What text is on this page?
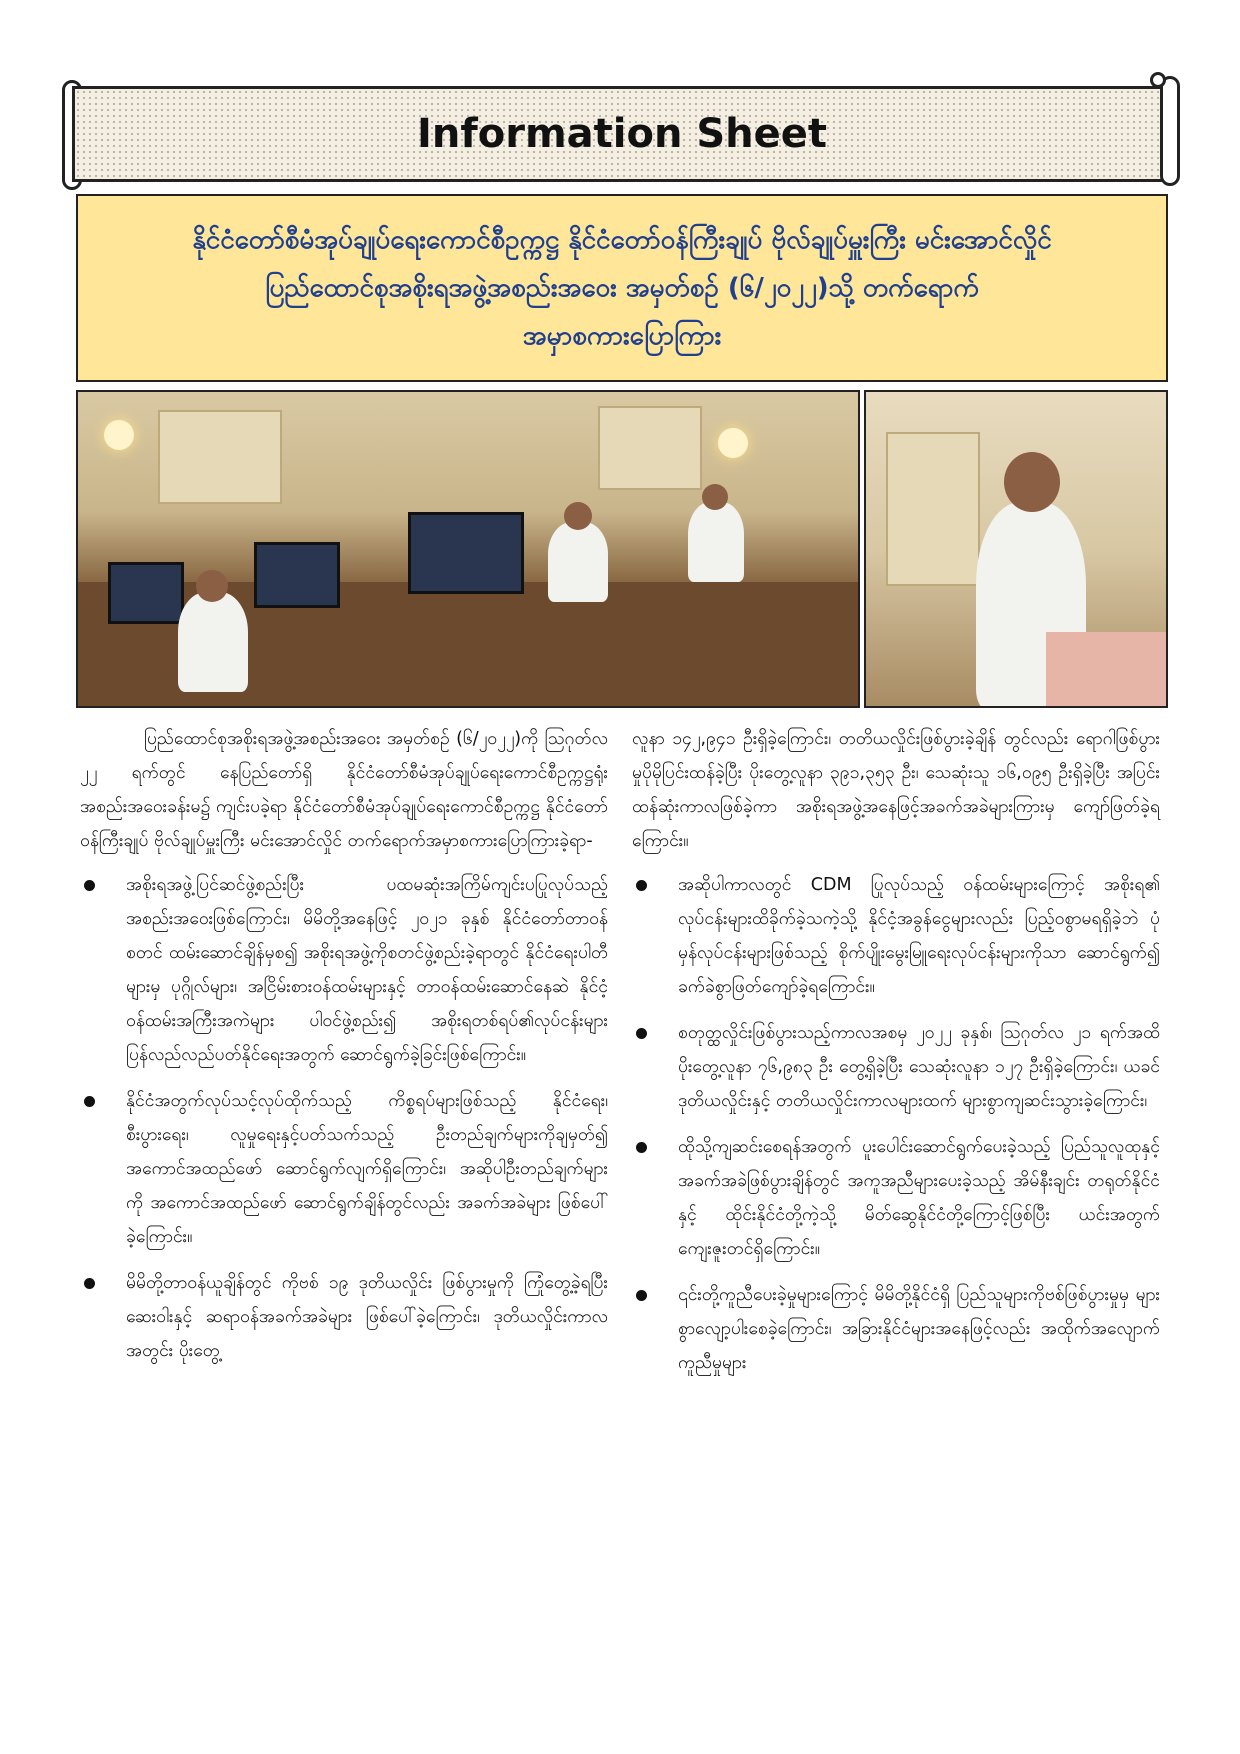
Information Sheet
နိုင်ငံတော်စီမံအုပ်ချုပ်ရေးကောင်စီဥက္ကဋ္ဌ နိုင်ငံတော်ဝန်ကြီးချုပ် ဗိုလ်ချုပ်မှူးကြီး မင်းအောင်လှိုင်
ပြည်ထောင်စုအစိုးရအဖွဲ့အစည်းအဝေး အမှတ်စဉ် (၆/၂၀၂၂)သို့ တက်ရောက်
အမှာစကားပြောကြား

ပြည်ထောင်စုအစိုးရအဖွဲ့အစည်းအဝေး အမှတ်စဉ် (၆/၂၀၂၂)ကို ဩဂုတ်လ ၂၂ ရက်တွင် နေပြည်တော်ရှိ နိုင်ငံတော်စီမံအုပ်ချုပ်ရေးကောင်စီဥက္ကဋ္ဌရုံး အစည်းအဝေးခန်းမ၌ ကျင်းပခဲ့ရာ နိုင်ငံတော်စီမံအုပ်ချုပ်ရေးကောင်စီဥက္ကဋ္ဌ နိုင်ငံတော်ဝန်ကြီးချုပ် ဗိုလ်ချုပ်မှူးကြီး မင်းအောင်လှိုင် တက်ရောက်အမှာစကားပြောကြားခဲ့ရာ-

အစိုးရအဖွဲ့ပြင်ဆင်ဖွဲ့စည်းပြီး ပထမဆုံးအကြိမ်ကျင်းပပြုလုပ်သည့် အစည်းအဝေးဖြစ်ကြောင်း၊ မိမိတို့အနေဖြင့် ၂၀၂၁ ခုနှစ် နိုင်ငံတော်တာဝန်စတင် ထမ်းဆောင်ချိန်မှစ၍ အစိုးရအဖွဲ့ကိုစတင်ဖွဲ့စည်းခဲ့ရာတွင် နိုင်ငံရေးပါတီများမှ ပုဂ္ဂိုလ်များ၊ အငြိမ်းစားဝန်ထမ်းများနှင့် တာဝန်ထမ်းဆောင်နေဆဲ နိုင်ငံ့ဝန်ထမ်းအကြီးအကဲများ ပါဝင်ဖွဲ့စည်း၍ အစိုးရတစ်ရပ်၏လုပ်ငန်းများ ပြန်လည်လည်ပတ်နိုင်ရေးအတွက် ဆောင်ရွက်ခဲ့ခြင်းဖြစ်ကြောင်း။
နိုင်ငံအတွက်လုပ်သင့်လုပ်ထိုက်သည့် ကိစ္စရပ်များဖြစ်သည့် နိုင်ငံရေး၊ စီးပွားရေး၊ လူမှုရေးနှင့်ပတ်သက်သည့် ဦးတည်ချက်များကိုချမှတ်၍ အကောင်အထည်ဖော် ဆောင်ရွက်လျက်ရှိကြောင်း၊ အဆိုပါဦးတည်ချက်များကို အကောင်အထည်ဖော် ဆောင်ရွက်ချိန်တွင်လည်း အခက်အခဲများ ဖြစ်ပေါ်ခဲ့ကြောင်း။
မိမိတို့တာဝန်ယူချိန်တွင် ကိုဗစ် ၁၉ ဒုတိယလှိုင်း ဖြစ်ပွားမှုကို ကြုံတွေ့ခဲ့ရပြီး ဆေးဝါးနှင့် ဆရာဝန်အခက်အခဲများ ဖြစ်ပေါ်ခဲ့ကြောင်း၊ ဒုတိယလှိုင်းကာလအတွင်း ပိုးတွေ့

လူနာ ၁၄၂,၉၄၁ ဦးရှိခဲ့ကြောင်း၊ တတိယလှိုင်းဖြစ်ပွားခဲ့ချိန် တွင်လည်း ရောဂါဖြစ်ပွားမှုပိုမိုပြင်းထန်ခဲ့ပြီး ပိုးတွေ့လူနာ ၃၉၁,၃၅၃ ဦး၊ သေဆုံးသူ ၁၆,၀၉၅ ဦးရှိခဲ့ပြီး အပြင်းထန်ဆုံးကာလဖြစ်ခဲ့ကာ အစိုးရအဖွဲ့အနေဖြင့်အခက်အခဲများကြားမှ ကျော်ဖြတ်ခဲ့ရကြောင်း။

အဆိုပါကာလတွင် CDM ပြုလုပ်သည့် ဝန်ထမ်းများကြောင့် အစိုးရ၏ လုပ်ငန်းများထိခိုက်ခဲ့သကဲ့သို့ နိုင်ငံ့အခွန်ငွေများလည်း ပြည့်ဝစွာမရရှိခဲ့ဘဲ ပုံမှန်လုပ်ငန်းများဖြစ်သည့် စိုက်ပျိုးမွေးမြူရေးလုပ်ငန်းများကိုသာ ဆောင်ရွက်၍ ခက်ခဲစွာဖြတ်ကျော်ခဲ့ရကြောင်း။
စတုတ္ထလှိုင်းဖြစ်ပွားသည့်ကာလအစမှ ၂၀၂၂ ခုနှစ်၊ ဩဂုတ်လ ၂၁ ရက်အထိ ပိုးတွေ့လူနာ ၇၆,၉၈၃ ဦး တွေ့ရှိခဲ့ပြီး သေဆုံးလူနာ ၁၂၇ ဦးရှိခဲ့ကြောင်း၊ ယခင် ဒုတိယလှိုင်းနှင့် တတိယလှိုင်းကာလများထက် များစွာကျဆင်းသွားခဲ့ကြောင်း၊
ထိုသို့ကျဆင်းစေရန်အတွက် ပူးပေါင်းဆောင်ရွက်ပေးခဲ့သည့် ပြည်သူလူထုနှင့် အခက်အခဲဖြစ်ပွားချိန်တွင် အကူအညီများပေးခဲ့သည့် အိမ်နီးချင်း တရုတ်နိုင်ငံနှင့် ထိုင်းနိုင်ငံတို့ကဲ့သို့ မိတ်ဆွေနိုင်ငံတို့ကြောင့်ဖြစ်ပြီး ယင်းအတွက်ကျေးဇူးတင်ရှိကြောင်း။
၎င်းတို့ကူညီပေးခဲ့မှုများကြောင့် မိမိတို့နိုင်ငံရှိ ပြည်သူများကိုဗစ်ဖြစ်ပွားမှုမှ များစွာလျော့ပါးစေခဲ့ကြောင်း၊ အခြားနိုင်ငံများအနေဖြင့်လည်း အထိုက်အလျောက် ကူညီမှုများ
